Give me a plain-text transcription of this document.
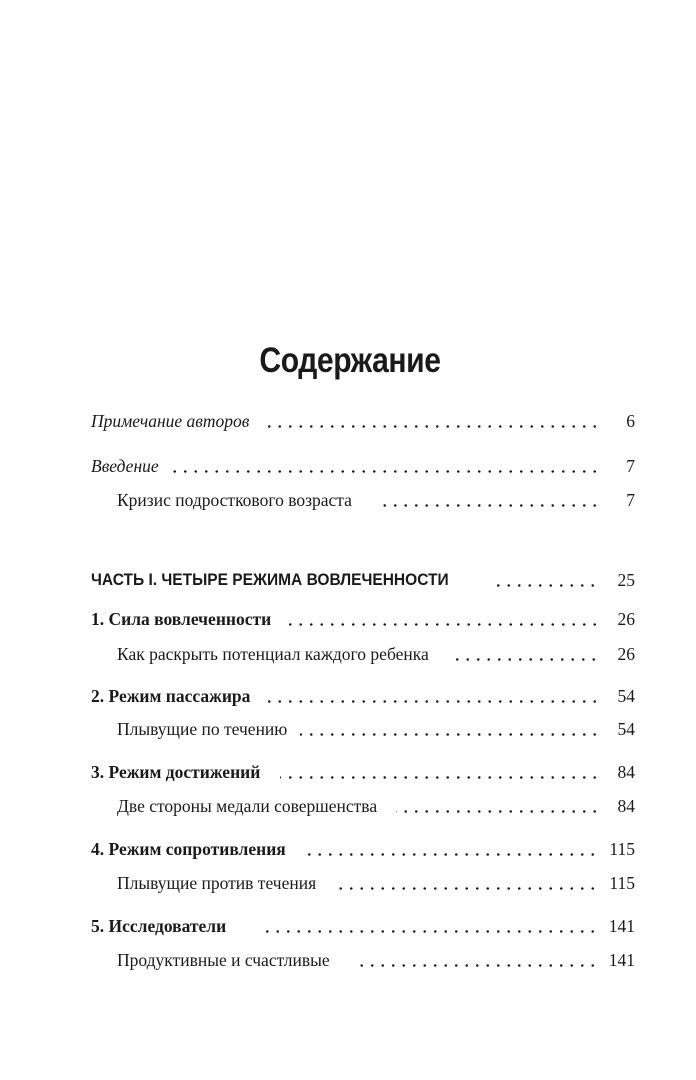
Содержание
Примечание авторов	6
Введение	7
Кризис подросткового возраста	7
ЧАСТЬ I. ЧЕТЫРЕ РЕЖИМА ВОВЛЕЧЕННОСТИ	25
1. Сила вовлеченности	26
Как раскрыть потенциал каждого ребенка	26
2. Режим пассажира	54
Плывущие по течению	54
3. Режим достижений	84
Две стороны медали совершенства	84
4. Режим сопротивления	115
Плывущие против течения	115
5. Исследователи	141
Продуктивные и счастливые	141
